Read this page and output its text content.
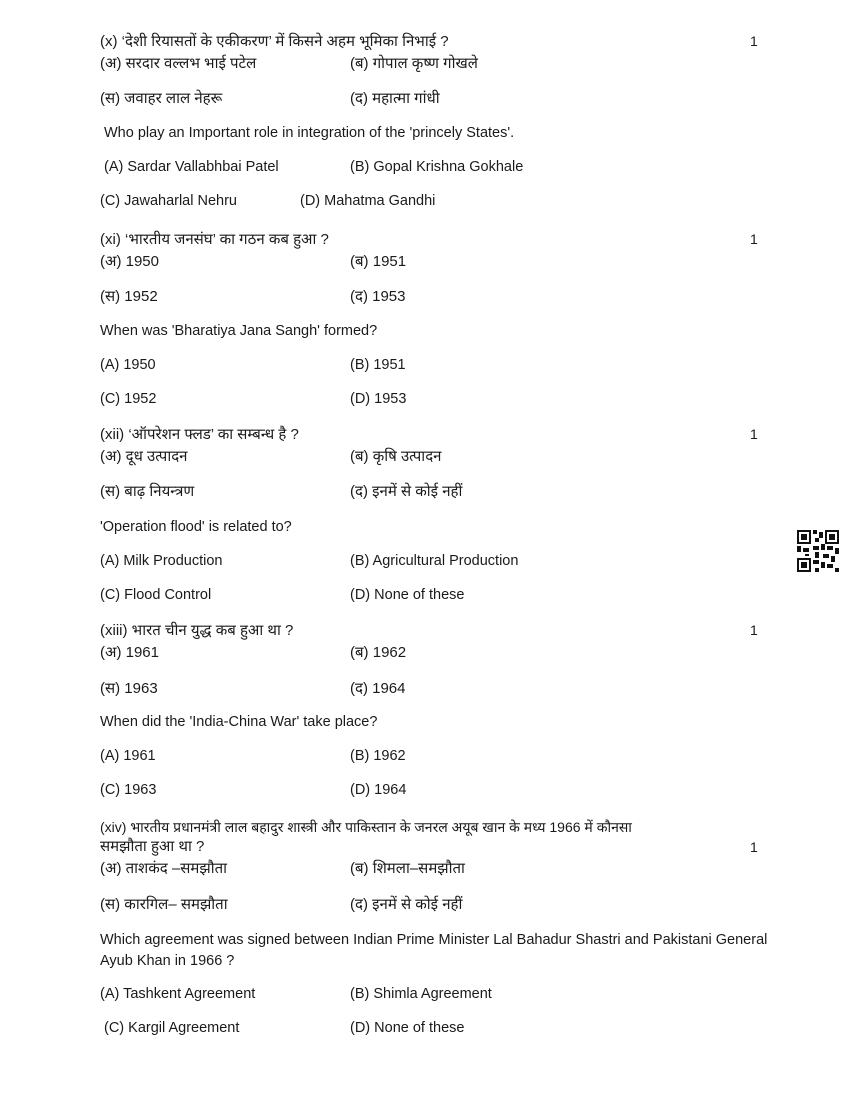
(x) ‘देशी रियासतों के एकीकरण’ में किसने अहम भूमिका निभाई ?	1
(अ) सरदार वल्लभ भाई पटेल	(ब) गोपाल कृष्ण गोखले
(स) जवाहर लाल नेहरू	(द) महात्मा गांधी
Who play an Important role in integration of the 'princely States'.
(A) Sardar Vallabhbai Patel	(B) Gopal Krishna Gokhale
(C) Jawaharlal Nehru	(D) Mahatma Gandhi
(xi) ‘भारतीय जनसंघ’ का गठन कब हुआ ?	1
(अ) 1950	(ब) 1951
(स) 1952	(द) 1953
When was 'Bharatiya Jana Sangh' formed?
(A) 1950	(B) 1951
(C) 1952	(D) 1953
(xii) ‘ऑपरेशन फ्लड’ का सम्बन्ध है ?	1
(अ) दूध उत्पादन	(ब) कृषि उत्पादन
(स) बाढ़ नियन्त्रण	(द) इनमें से कोई नहीं
'Operation flood' is related to?
(A) Milk Production	(B) Agricultural Production
(C) Flood Control	(D) None of these
(xiii) भारत चीन युद्ध कब हुआ था ?	1
(अ) 1961	(ब) 1962
(स) 1963	(द) 1964
When did the 'India-China War' take place?
(A) 1961	(B) 1962
(C) 1963	(D) 1964
(xiv) भारतीय प्रधानमंत्री लाल बहादुर शास्त्री और पाकिस्तान के जनरल अयूब खान के मध्य 1966 में कौनसा
समझौता हुआ था ?	1
(अ) ताशकंद –समझौता	(ब) शिमला–समझौता
(स) कारगिल– समझौता	(द) इनमें से कोई नहीं
Which agreement was signed between Indian Prime Minister Lal Bahadur Shastri and Pakistani General
Ayub Khan in 1966 ?
(A) Tashkent Agreement	(B) Shimla Agreement
(C) Kargil Agreement	(D) None of these
